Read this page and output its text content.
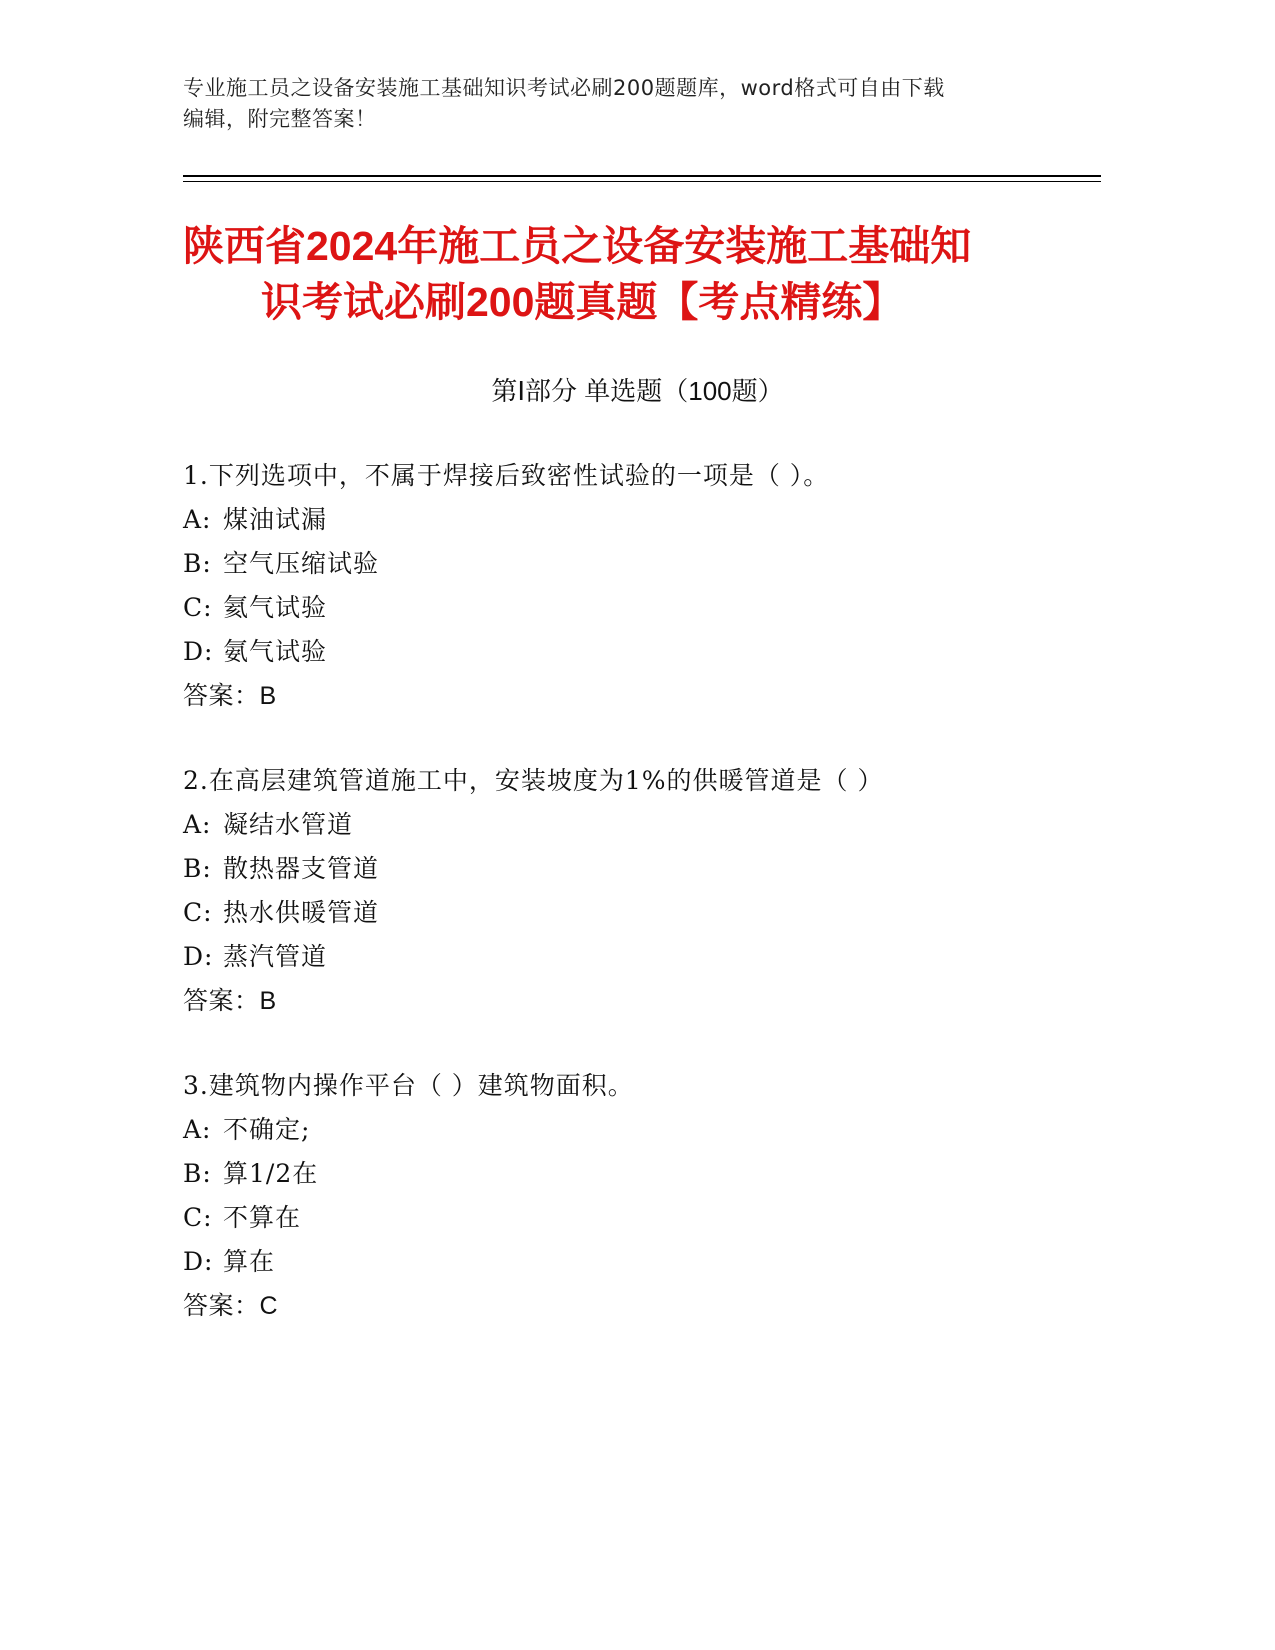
专业施工员之设备安装施工基础知识考试必刷200题题库，word格式可自由下载
编辑，附完整答案！
陕西省2024年施工员之设备安装施工基础知
识考试必刷200题真题【考点精练】
第Ⅰ部分 单选题（100题）
1.下列选项中，不属于焊接后致密性试验的一项是（ ）。
A: 煤油试漏
B: 空气压缩试验
C: 氦气试验
D: 氨气试验
答案：B
2.在高层建筑管道施工中，安装坡度为1%的供暖管道是（ ）
A: 凝结水管道
B: 散热器支管道
C: 热水供暖管道
D: 蒸汽管道
答案：B
3.建筑物内操作平台（ ）建筑物面积。
A: 不确定;
B: 算1/2在
C: 不算在
D: 算在
答案：C
